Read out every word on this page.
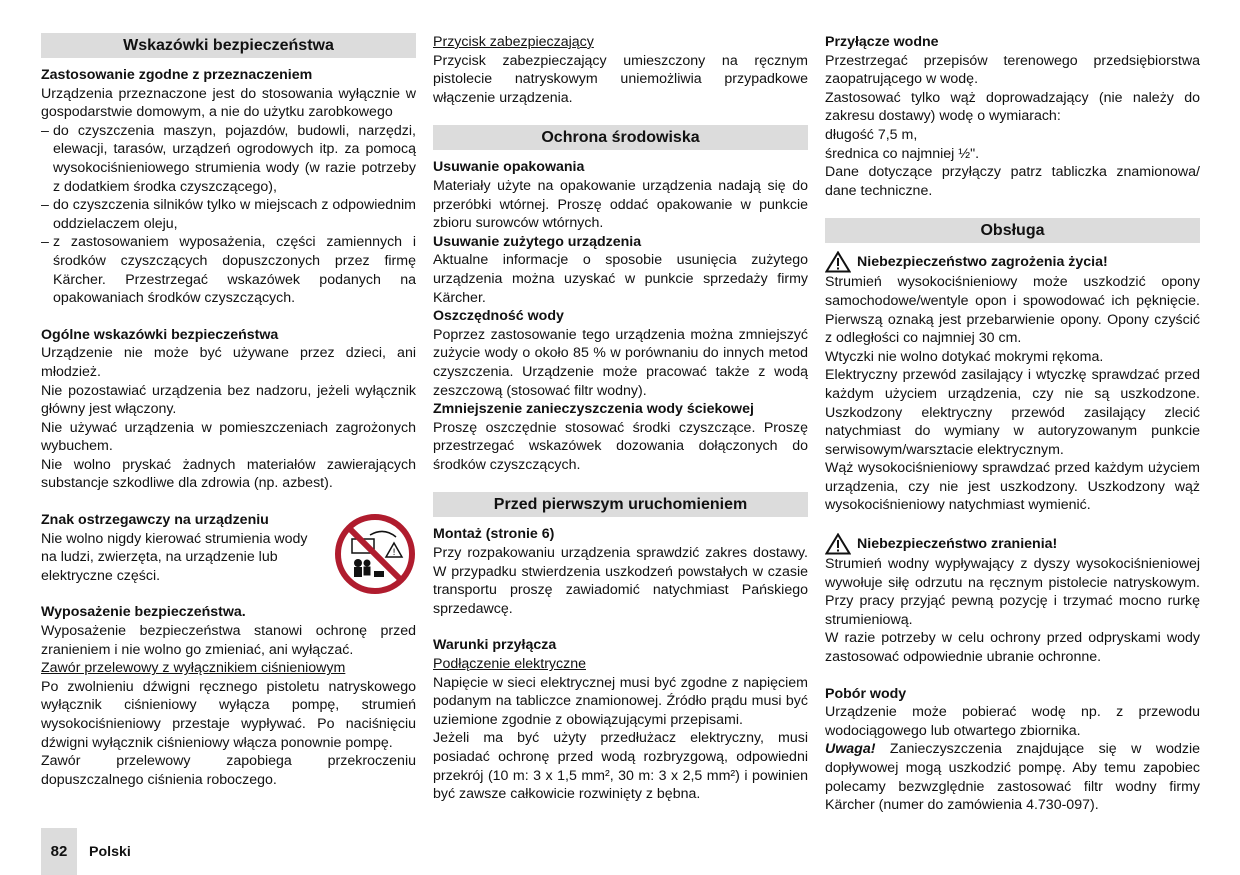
Wskazówki bezpieczeństwa

Zastosowanie zgodne z przeznaczeniem

Urządzenia przeznaczone jest do stosowania wyłącznie w gospodarstwie domowym, a nie do użytku zarobkowego

– do czyszczenia maszyn, pojazdów, budowli, narzędzi, elewacji, tarasów, urządzeń ogrodowych itp. za pomocą wysokociśnieniowego strumienia wody (w razie potrzeby z dodatkiem środka czyszczącego),

– do czyszczenia silników tylko w miejscach z odpowiednim oddzielaczem oleju,

– z zastosowaniem wyposażenia, części zamiennych i środków czyszczących dopuszczonych przez firmę Kärcher. Przestrzegać wskazówek podanych na opakowaniach środków czyszczących.

Ogólne wskazówki bezpieczeństwa

Urządzenie nie może być używane przez dzieci, ani młodzież.

Nie pozostawiać urządzenia bez nadzoru, jeżeli wyłącznik główny jest włączony.

Nie używać urządzenia w pomieszczeniach zagrożonych wybuchem.

Nie wolno pryskać żadnych materiałów zawierających substancje szkodliwe dla zdrowia (np. azbest).

Znak ostrzegawczy na urządzeniu

Nie wolno nigdy kierować strumienia wody na ludzi, zwierzęta, na urządzenie lub elektryczne części.

!

Wyposażenie bezpieczeństwa.

Wyposażenie bezpieczeństwa stanowi ochronę przed zranieniem i nie wolno go zmieniać, ani wyłączać.

Zawór przelewowy z wyłącznikiem ciśnieniowym

Po zwolnieniu dźwigni ręcznego pistoletu natryskowego wyłącznik ciśnieniowy wyłącza pompę, strumień wysokociśnieniowy przestaje wypływać. Po naciśnięciu dźwigni wyłącznik ciśnieniowy włącza ponownie pompę.

Zawór przelewowy zapobiega przekroczeniu dopuszczalnego ciśnienia roboczego.

Przycisk zabezpieczający

Przycisk zabezpieczający umieszczony na ręcznym pistolecie natryskowym uniemożliwia przypadkowe włączenie urządzenia.

Ochrona środowiska

Usuwanie opakowania

Materiały użyte na opakowanie urządzenia nadają się do przeróbki wtórnej. Proszę oddać opakowanie w punkcie zbioru surowców wtórnych.

Usuwanie zużytego urządzenia

Aktualne informacje o sposobie usunięcia zużytego urządzenia można uzyskać w punkcie sprzedaży firmy Kärcher.

Oszczędność wody

Poprzez zastosowanie tego urządzenia można zmniejszyć zużycie wody o około 85 % w porównaniu do innych metod czyszczenia. Urządzenie może pracować także z wodą zeszczową (stosować filtr wodny).

Zmniejszenie zanieczyszczenia wody ściekowej

Proszę oszczędnie stosować środki czyszczące. Proszę przestrzegać wskazówek dozowania dołączonych do środków czyszczących.

Przed pierwszym uruchomieniem

Montaż (stronie 6)

Przy rozpakowaniu urządzenia sprawdzić zakres dostawy. W przypadku stwierdzenia uszkodzeń powstałych w czasie transportu proszę zawiadomić natychmiast Pańskiego sprzedawcę.

Warunki przyłącza

Podłączenie elektryczne

Napięcie w sieci elektrycznej musi być zgodne z napięciem podanym na tabliczce znamionowej. Źródło prądu musi być uziemione zgodnie z obowiązującymi przepisami.

Jeżeli ma być użyty przedłużacz elektryczny, musi posiadać ochronę przed wodą rozbryzgową, odpowiedni przekrój (10 m: 3 x 1,5 mm², 30 m: 3 x 2,5 mm²) i powinien być zawsze całkowicie rozwinięty z bębna.

Przyłącze wodne

Przestrzegać przepisów terenowego przedsiębiorstwa zaopatrującego w wodę.

Zastosować tylko wąż doprowadzający (nie należy do zakresu dostawy) wodę o wymiarach:

długość 7,5 m,

średnica co najmniej ½".

Dane dotyczące przyłączy patrz tabliczka znamionowa/ dane techniczne.

Obsługa
Niebezpieczeństwo zagrożenia życia!

Strumień wysokociśnieniowy może uszkodzić opony samochodowe/wentyle opon i spowodować ich pęknięcie. Pierwszą oznaką jest przebarwienie opony. Opony czyścić z odległości co najmniej 30 cm.

Wtyczki nie wolno dotykać mokrymi rękoma.

Elektryczny przewód zasilający i wtyczkę sprawdzać przed każdym użyciem urządzenia, czy nie są uszkodzone. Uszkodzony elektryczny przewód zasilający zlecić natychmiast do wymiany w autoryzowanym punkcie serwisowym/warsztacie elektrycznym.

Wąż wysokociśnieniowy sprawdzać przed każdym użyciem urządzenia, czy nie jest uszkodzony. Uszkodzony wąż wysokociśnieniowy natychmiast wymienić.

Niebezpieczeństwo zranienia!

Strumień wodny wypływający z dyszy wysokociśnieniowej wywołuje siłę odrzutu na ręcznym pistolecie natryskowym. Przy pracy przyjąć pewną pozycję i trzymać mocno rurkę strumieniową.

W razie potrzeby w celu ochrony przed odpryskami wody zastosować odpowiednie ubranie ochronne.

Pobór wody

Urządzenie może pobierać wodę np. z przewodu wodociągowego lub otwartego zbiornika.

Uwaga! Zanieczyszczenia znajdujące się w wodzie dopływowej mogą uszkodzić pompę. Aby temu zapobiec polecamy bezwzględnie zastosować filtr wodny firmy Kärcher (numer do zamówienia 4.730-097).

82	Polski
